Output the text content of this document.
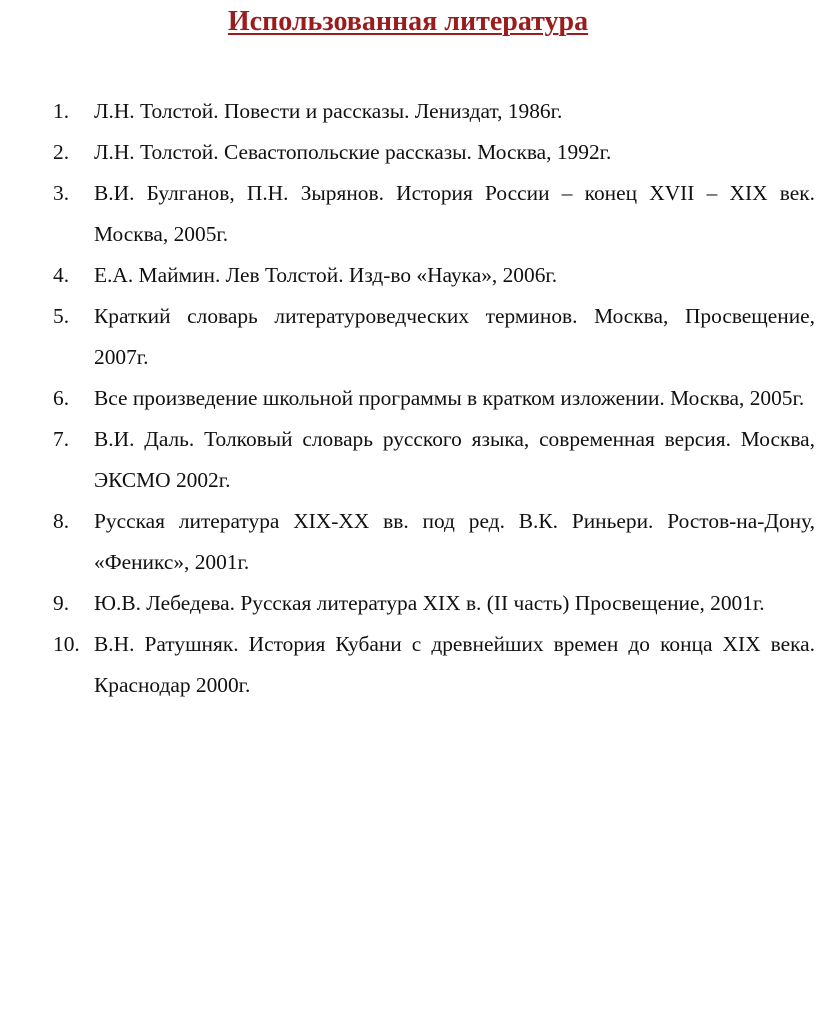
Использованная литература
1. Л.Н. Толстой. Повести и рассказы. Лениздат, 1986г.
2. Л.Н. Толстой. Севастопольские рассказы. Москва, 1992г.
3. В.И. Булганов, П.Н. Зырянов. История России – конец XVII – XIX век. Москва, 2005г.
4. Е.А. Маймин. Лев Толстой. Изд-во «Наука», 2006г.
5. Краткий словарь литературоведческих терминов. Москва, Просвещение, 2007г.
6. Все произведение школьной программы в кратком изложении. Москва, 2005г.
7. В.И. Даль. Толковый словарь русского языка, современная версия. Москва, ЭКСМО 2002г.
8. Русская литература XIX-XX вв. под ред. В.К. Риньери. Ростов-на-Дону, «Феникс», 2001г.
9. Ю.В. Лебедева. Русская литература XIX в. (II часть) Просвещение, 2001г.
10. В.Н. Ратушняк. История Кубани с древнейших времен до конца XIX века. Краснодар 2000г.
